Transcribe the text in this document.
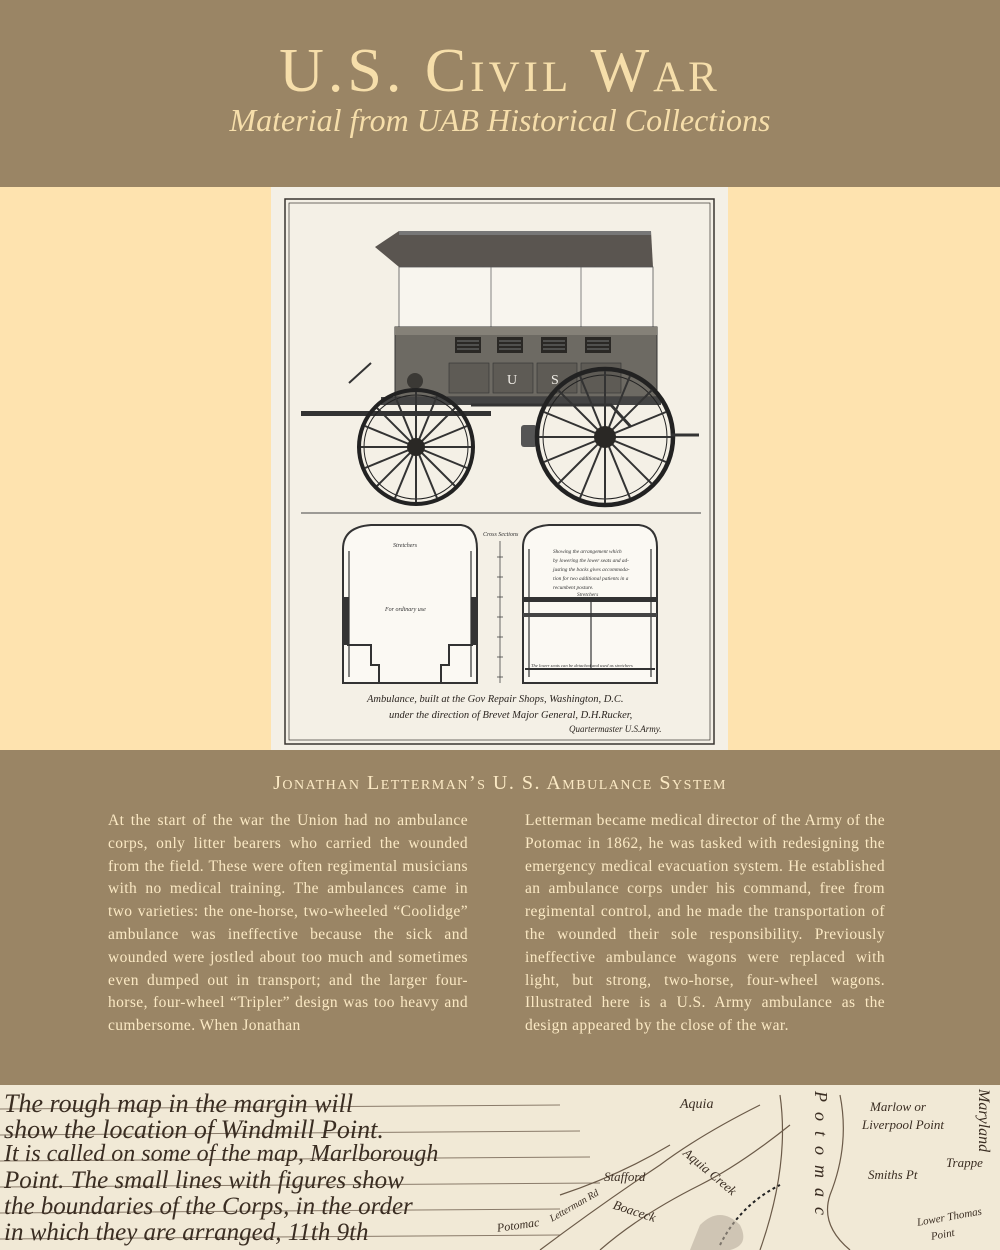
U.S. Civil War
Material from UAB Historical Collections
U S
Stretchers
For ordinary use
Cross Sections
Showing the arrangement which
by lowering the lower seats and ad-
justing the backs gives accommoda-
tion for two additional patients in a
recumbent posture.
Stretchers
The lower seats can be detached and used as stretchers
Ambulance, built at the Gov Repair Shops, Washington, D.C.
under the direction of Brevet Major General, D.H.Rucker,
Quartermaster U.S.Army.
Jonathan Letterman’s U. S. Ambulance System
At the start of the war the Union had no ambulance corps, only litter bearers who carried the wounded from the field. These were often regimental musicians with no medical training. The ambulances came in two varieties: the one-horse, two-wheeled “Coolidge” ambulance was ineffective because the sick and wounded were jostled about too much and sometimes even dumped out in transport; and the larger four-horse, four-wheel “Tripler” design was too heavy and cumbersome. When Jonathan
Letterman became medical director of the Army of the Potomac in 1862, he was tasked with redesigning the emergency medical evacuation system. He established an ambulance corps under his command, free from regimental control, and he made the transportation of the wounded their sole responsibility. Previously ineffective ambulance wagons were replaced with light, but strong, two-horse, four-wheel wagons. Illustrated here is a U.S. Army ambulance as the design appeared by the close of the war.
The rough map in the margin will
show the location of Windmill Point.
It is called on some of the map, Marlborough
Point. The small lines with figures show
the boundaries of the Corps, in the order
in which they are arranged, 11th 9th
Aquia
Aquia Creek
Stafford	Potomac	Marlow or
Liverpool Point Maryland
Trappe
Smiths Pt
Boaceck
Potomac
Letterman Rd	Lower Thomas
Point
